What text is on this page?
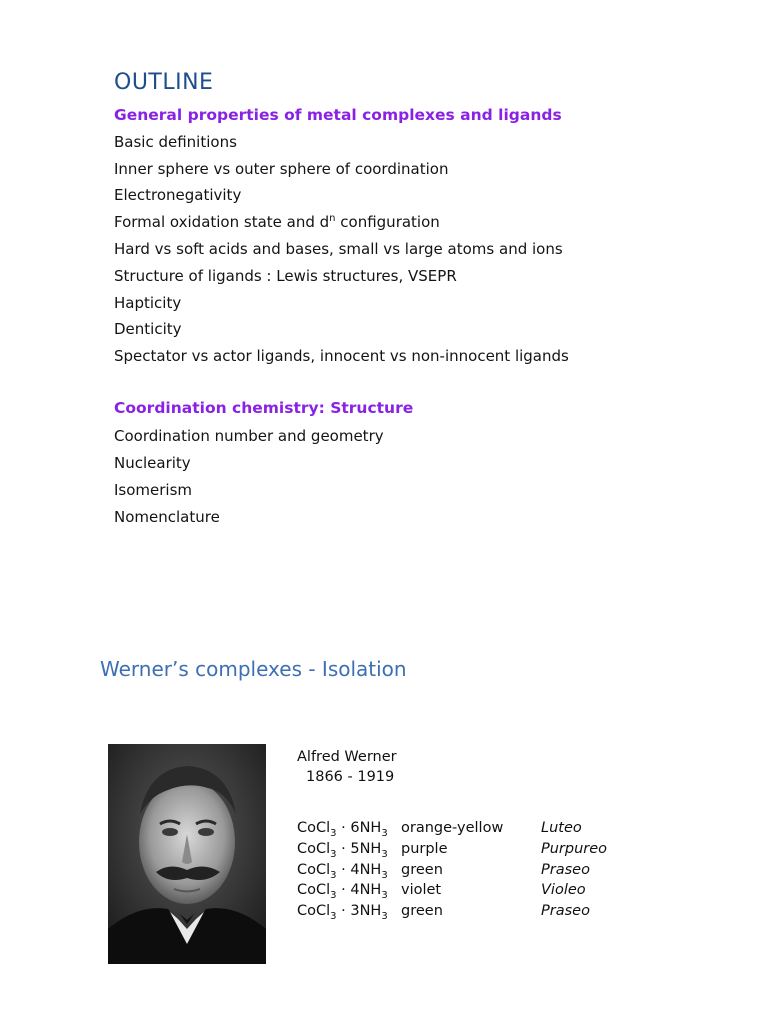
OUTLINE
General properties of metal complexes and ligands
Basic definitions
Inner sphere vs outer sphere of coordination
Electronegativity
Formal oxidation state and $d^n$ configuration
Hard vs soft acids and bases, small vs large atoms and ions
Structure of ligands : Lewis structures, VSEPR
Hapticity
Denticity
Spectator vs actor ligands, innocent vs non-innocent ligands
Coordination chemistry: Structure
Coordination number and geometry
Nuclearity
Isomerism
Nomenclature
Werner’s complexes - Isolation
Alfred Werner
1866 - 1919
CoCl$_3$ · $6NH_3$ orange-yellow	Luteo
CoCl$_3$ · $5NH_3$ purple	Purpureo
CoCl$_3$ · $4NH_3$ green	Praseo
CoCl$_3$ · $4NH_3$ violet	Violeo
CoCl$_3$ · $3NH_3$ green	Praseo
